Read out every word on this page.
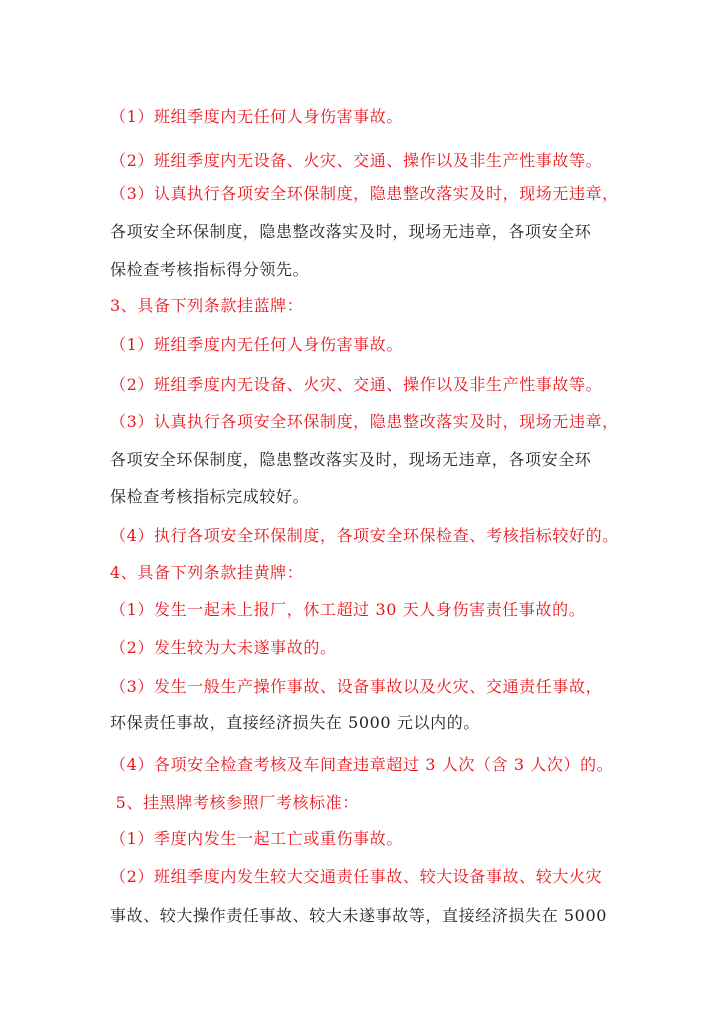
（1）班组季度内无任何人身伤害事故。
（2）班组季度内无设备、火灾、交通、操作以及非生产性事故等。
（3）认真执行各项安全环保制度，隐患整改落实及时，现场无违章，
各项安全环保制度，隐患整改落实及时，现场无违章，各项安全环
保检查考核指标得分领先。
3、具备下列条款挂蓝牌：
（1）班组季度内无任何人身伤害事故。
（2）班组季度内无设备、火灾、交通、操作以及非生产性事故等。
（3）认真执行各项安全环保制度，隐患整改落实及时，现场无违章，
各项安全环保制度，隐患整改落实及时，现场无违章，各项安全环
保检查考核指标完成较好。
（4）执行各项安全环保制度，各项安全环保检查、考核指标较好的。
4、具备下列条款挂黄牌：
（1）发生一起未上报厂，休工超过 30 天人身伤害责任事故的。
（2）发生较为大未遂事故的。
（3）发生一般生产操作事故、设备事故以及火灾、交通责任事故，
环保责任事故，直接经济损失在 5000 元以内的。
（4）各项安全检查考核及车间查违章超过 3 人次（含 3 人次）的。
5、挂黑牌考核参照厂考核标准：
（1）季度内发生一起工亡或重伤事故。
（2）班组季度内发生较大交通责任事故、较大设备事故、较大火灾
事故、较大操作责任事故、较大未遂事故等，直接经济损失在 5000
